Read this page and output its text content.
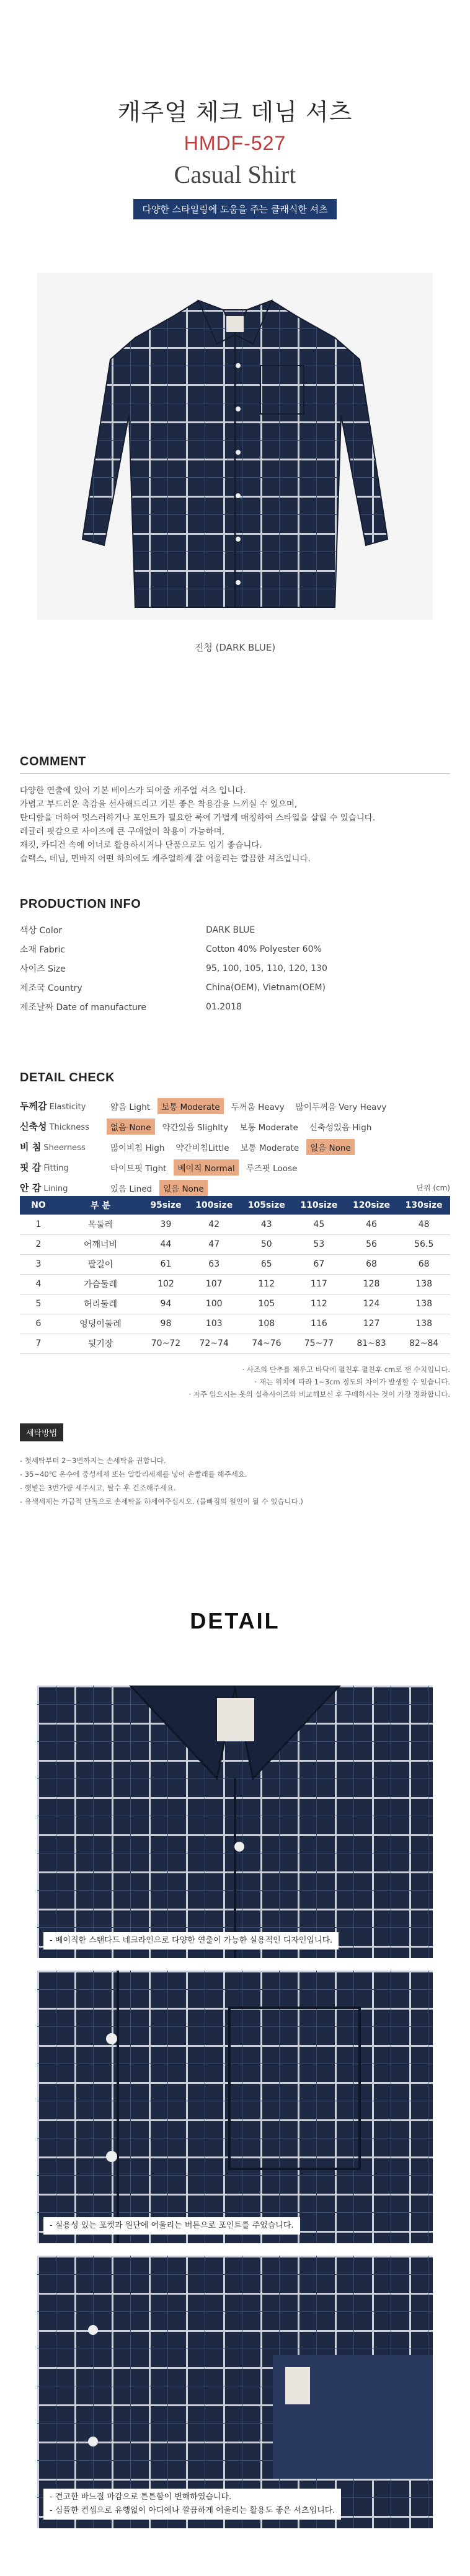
캐주얼 체크 데님 셔츠
HMDF-527
Casual Shirt
다양한 스타일링에 도움을 주는 클래식한 셔츠
진청 (DARK BLUE)
COMMENT
다양한 연출에 있어 기본 베이스가 되어줄 캐주얼 셔츠 입니다.
가볍고 부드러운 촉감을 선사해드리고 기분 좋은 착용감을 느끼실 수 있으며,
탄디함을 더하여 멋스러하거나 포인트가 필요한 룩에 가볍게 매칭하여 스타일을 살릴 수 있습니다.
레귤러 핏감으로 사이즈에 큰 구애없이 착용이 가능하며,
재킷, 카디건 속에 이너로 활용하시거나 단품으로도 입기 좋습니다.
슬랙스, 데님, 면바지 어떤 하의에도 캐주얼하게 잘 어울리는 깔끔한 셔츠입니다.
PRODUCTION INFO
색상 Color	DARK BLUE
소재 Fabric	Cotton 40% Polyester 60%
사이즈 Size	95, 100, 105, 110, 120, 130
제조국 Country	China(OEM), Vietnam(OEM)
제조날짜 Date of manufacture	01.2018
DETAIL CHECK
두께감 Elasticity	얇음 Light	보통 Moderate	두꺼움 Heavy	많이두꺼움 Very Heavy
신축성 Thickness	없음 None	약간있음 Slighlty	보통 Moderate	신축성있음 High
비 침 Sheerness	많이비침 High	약간비침Little	보통 Moderate	없음 None
핏 감 Fitting	타이트핏 Tight	베이직 Normal	루즈핏 Loose
안 감 Lining	있음 Lined	없음 None	단위 (cm)
NO	부 분	95size	100size	105size	110size	120size	130size
1	목둘레	39	42	43	45	46	48
2	어깨너비	44	47	50	53	56	56.5
3	팔길이	61	63	65	67	68	68
4	가슴둘레	102	107	112	117	128	138
5	허리둘레	94	100	105	112	124	138
6	엉덩이둘레	98	103	108	116	127	138
7	뒷기장	70~72	72~74	74~76	75~77	81~83	82~84
· 사조의 단추를 채우고 바닥에 펼친후 펼친후 cm로 잰 수치입니다.
· 재는 위치에 따라 1~3cm 정도의 차이가 발생할 수 있습니다.
· 자주 입으시는 옷의 실측사이즈와 비교해보신 후 구매하시는 것이 가장 정확합니다.
세탁방법
- 첫세탁부터 2~3번까지는 손세탁을 권합니다.
- 35~40℃ 온수에 중성세제 또는 알칼리세제를 넣어 손빨래를 해주세요.
- 햇볕은 3번가량 세주시고, 탈수 후 건조해주세요.
- 유색세제는 가급적 단독으로 손세탁을 하세여주십시오. (물빠짐의 원인이 될 수 있습니다.)
DETAIL
- 베이직한 스탠다드 네크라인으로 다양한 연출이 가능한 실용적인 디자인입니다.
- 실용성 있는 포켓과 원단에 어울리는 버튼으로 포인트를 주었습니다.
- 견고한 바느질 마감으로 튼튼함이 변해하였습니다.
- 심플한 컨셉으로 유행없이 아디에나 깔끔하게 어울리는 활용도 좋은 셔츠입니다.
